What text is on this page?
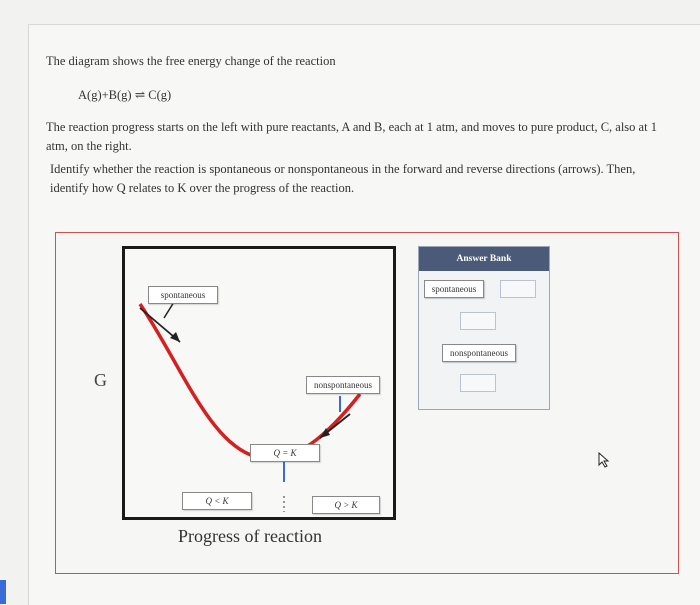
The diagram shows the free energy change of the reaction
A(g)+B(g) ⇌ C(g)
The reaction progress starts on the left with pure reactants, A and B, each at 1 atm, and moves to pure product, C, also at 1 atm, on the right.
Identify whether the reaction is spontaneous or nonspontaneous in the forward and reverse directions (arrows). Then, identify how Q relates to K over the progress of the reaction.
G
Progress of reaction
spontaneous
nonspontaneous
Q = K
Q < K	Q > K
Answer Bank
spontaneous
nonspontaneous
